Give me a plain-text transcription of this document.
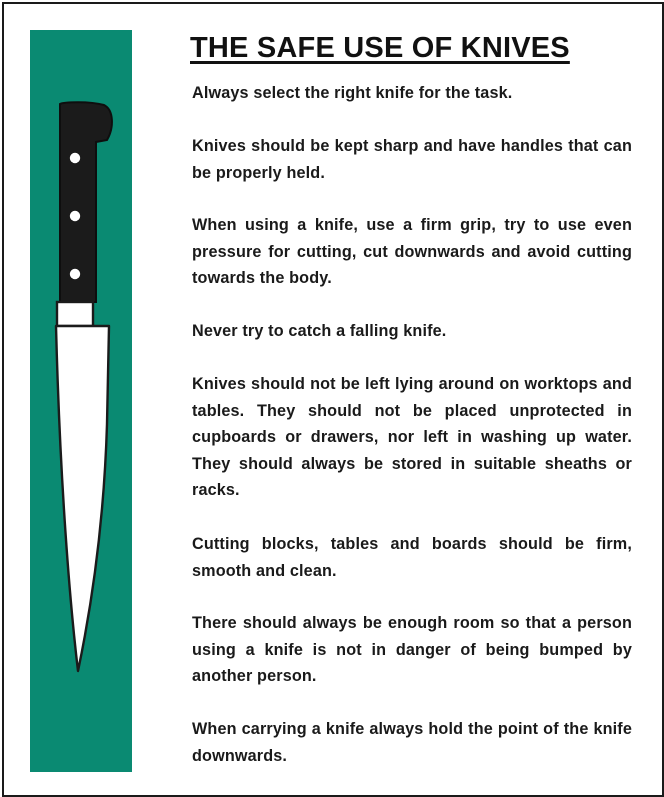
THE SAFE USE OF KNIVES

Always select the right knife for the task.

Knives should be kept sharp and have handles that can be properly held.

When using a knife, use a firm grip, try to use even pressure for cutting, cut downwards and avoid cutting towards the body.

Never try to catch a falling knife.

Knives should not be left lying around on worktops and tables. They should not be placed unprotected in cupboards or drawers, nor left in washing up water. They should always be stored in suitable sheaths or racks.

Cutting blocks, tables and boards should be firm, smooth and clean.

There should always be enough room so that a person using a knife is not in danger of being bumped by another person.

When carrying a knife always hold the point of the knife downwards.
